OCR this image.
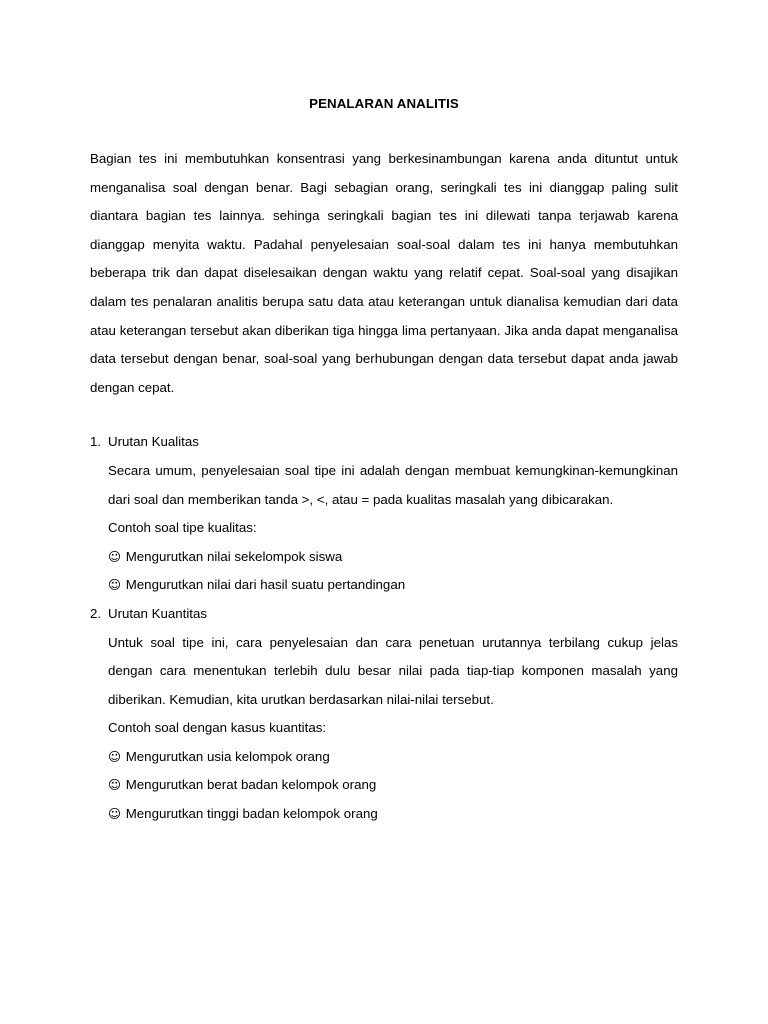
PENALARAN ANALITIS
Bagian tes ini membutuhkan konsentrasi yang berkesinambungan karena anda dituntut untuk menganalisa soal dengan benar. Bagi sebagian orang, seringkali tes ini dianggap paling sulit diantara bagian tes lainnya. sehinga seringkali bagian tes ini dilewati tanpa terjawab karena dianggap menyita waktu. Padahal penyelesaian soal-soal dalam tes ini hanya membutuhkan beberapa trik dan dapat diselesaikan dengan waktu yang relatif cepat. Soal-soal yang disajikan dalam tes penalaran analitis berupa satu data atau keterangan untuk dianalisa kemudian dari data atau keterangan tersebut akan diberikan tiga hingga lima pertanyaan. Jika anda dapat menganalisa data tersebut dengan benar, soal-soal yang berhubungan dengan data tersebut dapat anda jawab dengan cepat.
1. Urutan Kualitas
Secara umum, penyelesaian soal tipe ini adalah dengan membuat kemungkinan-kemungkinan dari soal dan memberikan tanda >, <, atau = pada kualitas masalah yang dibicarakan.
Contoh soal tipe kualitas:
☺ Mengurutkan nilai sekelompok siswa
☺ Mengurutkan nilai dari hasil suatu pertandingan
2. Urutan Kuantitas
Untuk soal tipe ini, cara penyelesaian dan cara penetuan urutannya terbilang cukup jelas dengan cara menentukan terlebih dulu besar nilai pada tiap-tiap komponen masalah yang diberikan. Kemudian, kita urutkan berdasarkan nilai-nilai tersebut.
Contoh soal dengan kasus kuantitas:
☺ Mengurutkan usia kelompok orang
☺ Mengurutkan berat badan kelompok orang
☺ Mengurutkan tinggi badan kelompok orang
